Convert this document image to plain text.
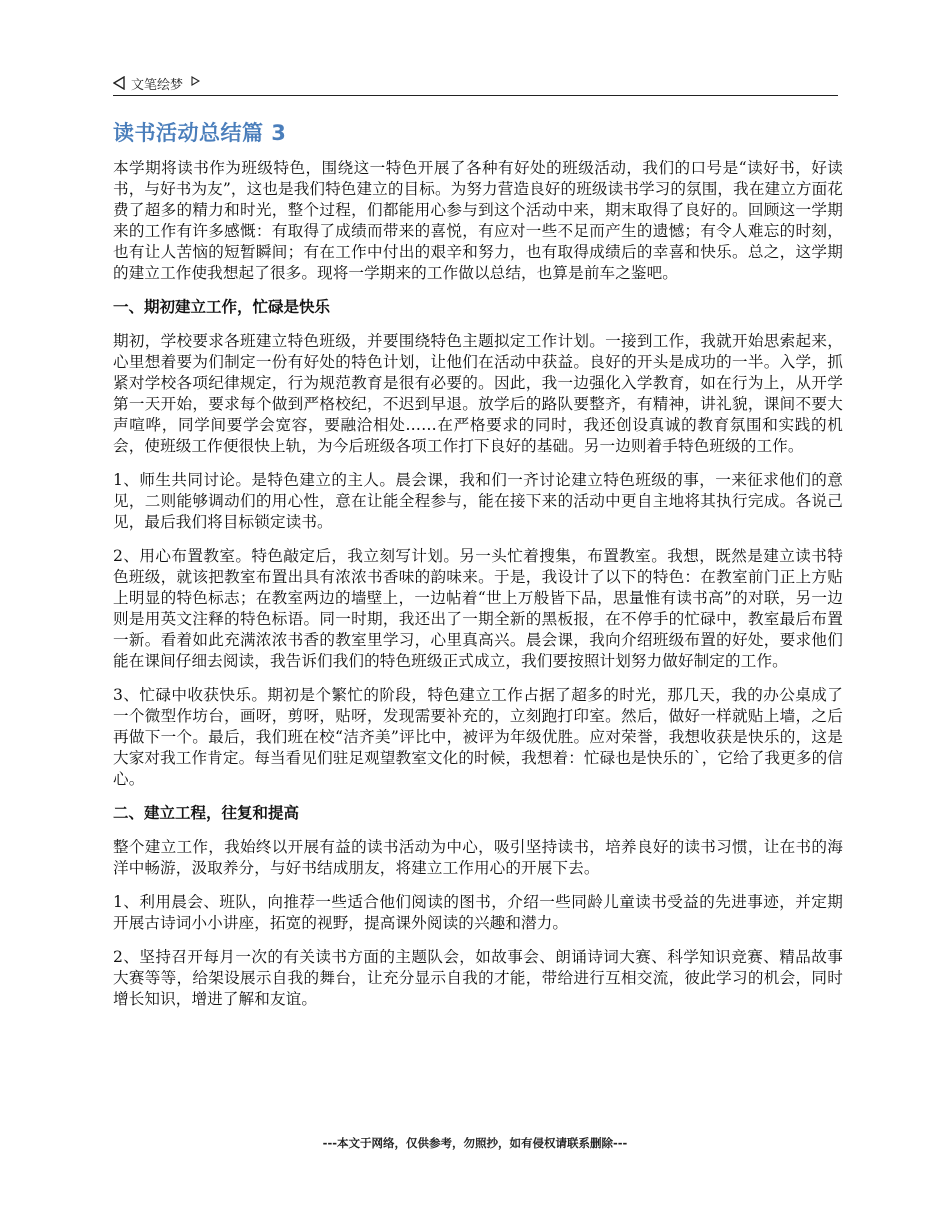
文笔绘梦
读书活动总结篇 3
本学期将读书作为班级特色，围绕这一特色开展了各种有好处的班级活动，我们的口号是“读好书，好读书，与好书为友”，这也是我们特色建立的目标。为努力营造良好的班级读书学习的氛围，我在建立方面花费了超多的精力和时光，整个过程，们都能用心参与到这个活动中来，期末取得了良好的。回顾这一学期来的工作有许多感慨：有取得了成绩而带来的喜悦，有应对一些不足而产生的遗憾；有令人难忘的时刻，也有让人苦恼的短暂瞬间；有在工作中付出的艰辛和努力，也有取得成绩后的幸喜和快乐。总之，这学期的建立工作使我想起了很多。现将一学期来的工作做以总结，也算是前车之鉴吧。
一、期初建立工作，忙碌是快乐
期初，学校要求各班建立特色班级，并要围绕特色主题拟定工作计划。一接到工作，我就开始思索起来，心里想着要为们制定一份有好处的特色计划，让他们在活动中获益。良好的开头是成功的一半。入学，抓紧对学校各项纪律规定，行为规范教育是很有必要的。因此，我一边强化入学教育，如在行为上，从开学第一天开始，要求每个做到严格校纪，不迟到早退。放学后的路队要整齐，有精神，讲礼貌，课间不要大声喧哗，同学间要学会宽容，要融洽相处……在严格要求的同时，我还创设真诚的教育氛围和实践的机会，使班级工作便很快上轨，为今后班级各项工作打下良好的基础。另一边则着手特色班级的工作。
1、师生共同讨论。是特色建立的主人。晨会课，我和们一齐讨论建立特色班级的事，一来征求他们的意见，二则能够调动们的用心性，意在让能全程参与，能在接下来的活动中更自主地将其执行完成。各说己见，最后我们将目标锁定读书。
2、用心布置教室。特色敲定后，我立刻写计划。另一头忙着搜集，布置教室。我想，既然是建立读书特色班级，就该把教室布置出具有浓浓书香味的韵味来。于是，我设计了以下的特色：在教室前门正上方贴上明显的特色标志；在教室两边的墙壁上，一边帖着“世上万般皆下品，思量惟有读书高”的对联，另一边则是用英文注释的特色标语。同一时期，我还出了一期全新的黑板报，在不停手的忙碌中，教室最后布置一新。看着如此充满浓浓书香的教室里学习，心里真高兴。晨会课，我向介绍班级布置的好处，要求他们能在课间仔细去阅读，我告诉们我们的特色班级正式成立，我们要按照计划努力做好制定的工作。
3、忙碌中收获快乐。期初是个繁忙的阶段，特色建立工作占据了超多的时光，那几天，我的办公桌成了一个微型作坊台，画呀，剪呀，贴呀，发现需要补充的，立刻跑打印室。然后，做好一样就贴上墙，之后再做下一个。最后，我们班在校“洁齐美”评比中，被评为年级优胜。应对荣誉，我想收获是快乐的，这是大家对我工作肯定。每当看见们驻足观望教室文化的时候，我想着：忙碌也是快乐的`，它给了我更多的信心。
二、建立工程，往复和提高
整个建立工作，我始终以开展有益的读书活动为中心，吸引坚持读书，培养良好的读书习惯，让在书的海洋中畅游，汲取养分，与好书结成朋友，将建立工作用心的开展下去。
1、利用晨会、班队，向推荐一些适合他们阅读的图书，介绍一些同龄儿童读书受益的先进事迹，并定期开展古诗词小小讲座，拓宽的视野，提高课外阅读的兴趣和潜力。
2、坚持召开每月一次的有关读书方面的主题队会，如故事会、朗诵诗词大赛、科学知识竞赛、精品故事大赛等等，给架设展示自我的舞台，让充分显示自我的才能，带给进行互相交流，彼此学习的机会，同时增长知识，增进了解和友谊。
---本文于网络，仅供参考，勿照抄，如有侵权请联系删除---
